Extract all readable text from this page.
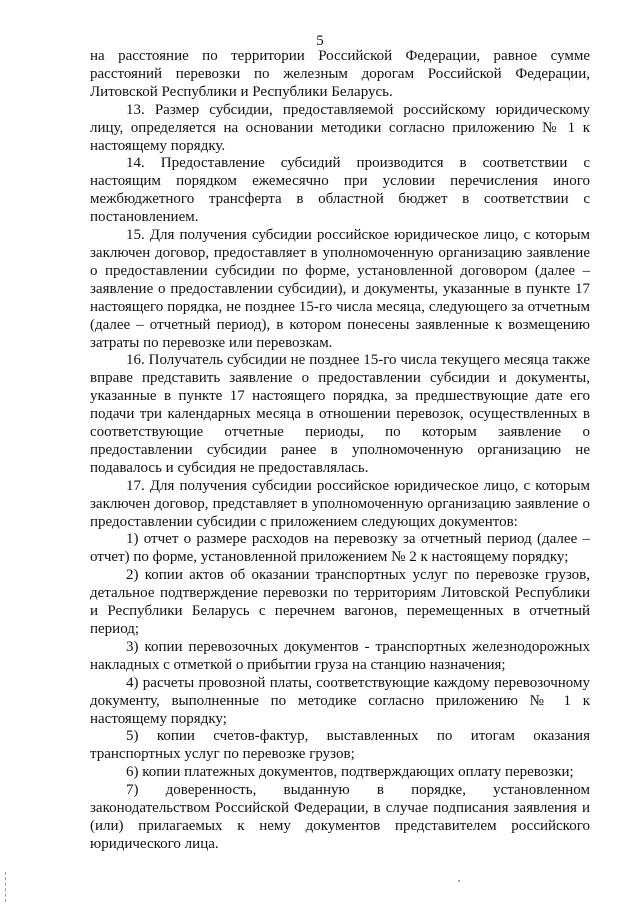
5

на расстояние по территории Российской Федерации, равное сумме расстояний перевозки по железным дорогам Российской Федерации, Литовской Республики и Республики Беларусь.

13. Размер субсидии, предоставляемой российскому юридическому лицу, определяется на основании методики согласно приложению № 1 к настоящему порядку.

14. Предоставление субсидий производится в соответствии с настоящим порядком ежемесячно при условии перечисления иного межбюджетного трансферта в областной бюджет в соответствии с постановлением.

15. Для получения субсидии российское юридическое лицо, с которым заключен договор, предоставляет в уполномоченную организацию заявление о предоставлении субсидии по форме, установленной договором (далее – заявление о предоставлении субсидии), и документы, указанные в пункте 17 настоящего порядка, не позднее 15-го числа месяца, следующего за отчетным (далее – отчетный период), в котором понесены заявленные к возмещению затраты по перевозке или перевозкам.

16. Получатель субсидии не позднее 15-го числа текущего месяца также вправе представить заявление о предоставлении субсидии и документы, указанные в пункте 17 настоящего порядка, за предшествующие дате его подачи три календарных месяца в отношении перевозок, осуществленных в соответствующие отчетные периоды, по которым заявление о предоставлении субсидии ранее в уполномоченную организацию не подавалось и субсидия не предоставлялась.

17. Для получения субсидии российское юридическое лицо, с которым заключен договор, представляет в уполномоченную организацию заявление о предоставлении субсидии с приложением следующих документов:

1) отчет о размере расходов на перевозку за отчетный период (далее – отчет) по форме, установленной приложением № 2 к настоящему порядку;

2) копии актов об оказании транспортных услуг по перевозке грузов, детальное подтверждение перевозки по территориям Литовской Республики и Республики Беларусь с перечнем вагонов, перемещенных в отчетный период;

3) копии перевозочных документов - транспортных железнодорожных накладных с отметкой о прибытии груза на станцию назначения;

4) расчеты провозной платы, соответствующие каждому перевозочному документу, выполненные по методике согласно приложению № 1 к настоящему порядку;

5) копии счетов-фактур, выставленных по итогам оказания транспортных услуг по перевозке грузов;

6) копии платежных документов, подтверждающих оплату перевозки;

7) доверенность, выданную в порядке, установленном законодательством Российской Федерации, в случае подписания заявления и (или) прилагаемых к нему документов представителем российского юридического лица.
